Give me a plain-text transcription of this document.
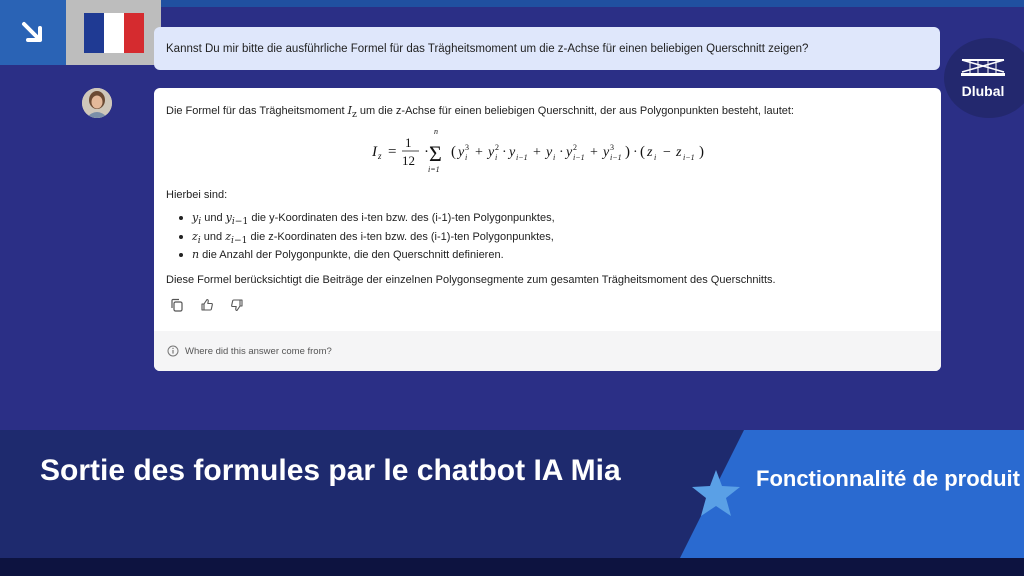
Dlubal
Kannst Du mir bitte die ausführliche Formel für das Trägheitsmoment um die z-Achse für einen beliebigen Querschnitt zeigen?
Die Formel für das Trägheitsmoment $I_z$ um die z-Achse für einen beliebigen Querschnitt, der aus Polygonpunkten besteht, lautet:
I z =
1
12
·
n
Σ
i=1
( y 3
i + y 2
i · y i−1 + y i · y 2
i−1 + y 3
i−1 ) · ( z i − z i−1 )
Hierbei sind:
$y_i$ und $y_{i-1}$ die y-Koordinaten des i-ten bzw. des (i-1)-ten Polygonpunktes,
$z_i$ und $z_{i-1}$ die z-Koordinaten des i-ten bzw. des (i-1)-ten Polygonpunktes,
n die Anzahl der Polygonpunkte, die den Querschnitt definieren.
Diese Formel berücksichtigt die Beiträge der einzelnen Polygonsegmente zum gesamten Trägheitsmoment des Querschnitts.
Where did this answer come from?
Sortie des formules par le chatbot IA Mia	Fonctionnalité de produit
